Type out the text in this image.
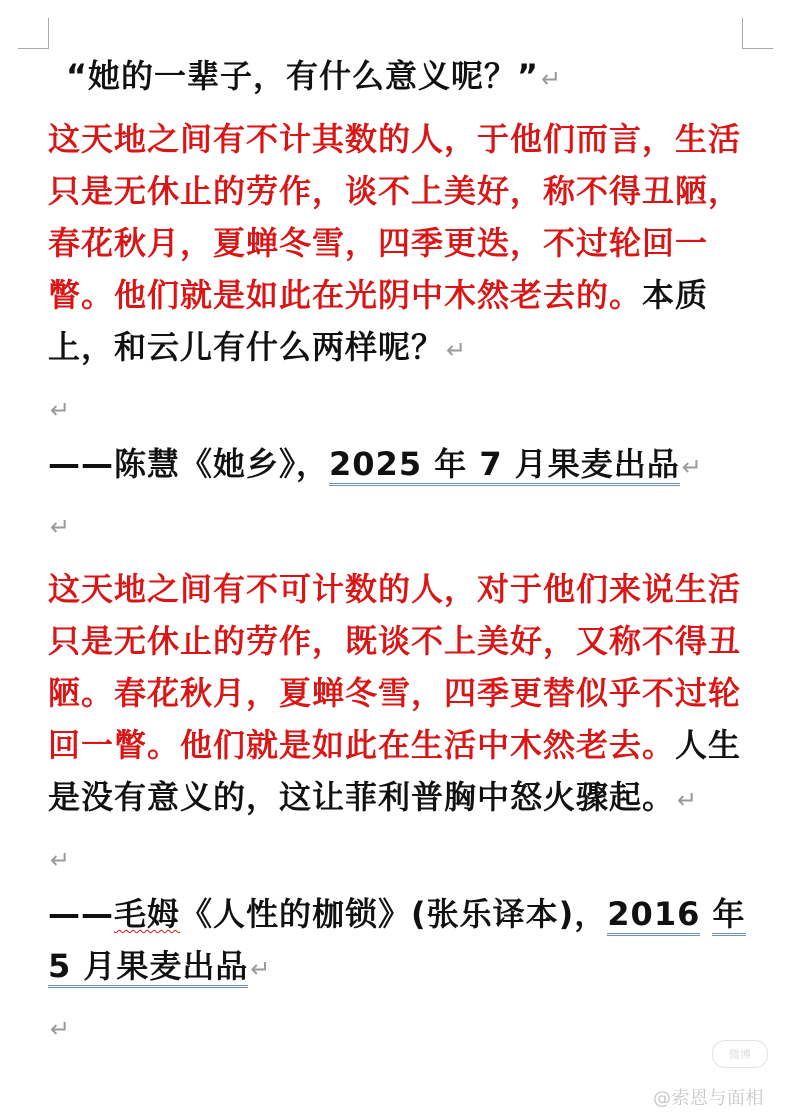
“她的一辈子，有什么意义呢？”↵

这天地之间有不计其数的人，于他们而言，生活只是无休止的劳作，谈不上美好，称不得丑陋，春花秋月，夏蝉冬雪，四季更迭，不过轮回一瞥。他们就是如此在光阴中木然老去的。本质上，和云儿有什么两样呢？↵

↵

——陈慧《她乡》，2025 年 7 月果麦出品↵

↵

这天地之间有不可计数的人，对于他们来说生活只是无休止的劳作，既谈不上美好，又称不得丑陋。春花秋月，夏蝉冬雪，四季更替似乎不过轮回一瞥。他们就是如此在生活中木然老去。人生是没有意义的，这让菲利普胸中怒火骤起。↵

↵

——毛姆《人性的枷锁》(张乐译本)，2016 年 5 月果麦出品↵

↵

微博
@索恩与面相
